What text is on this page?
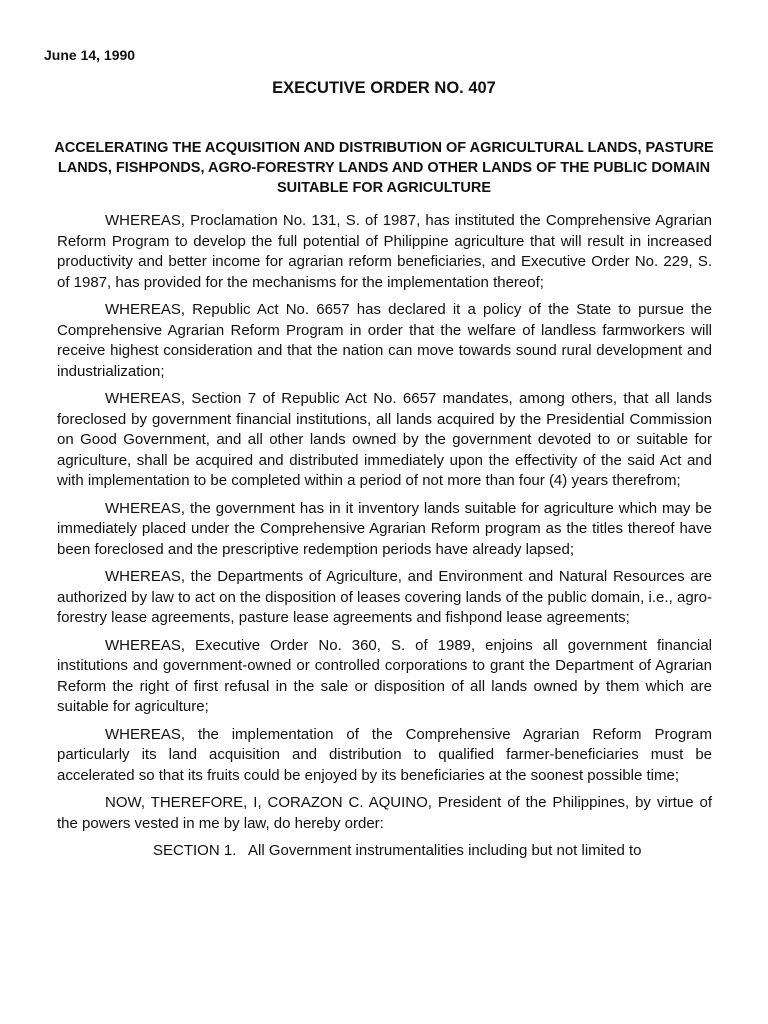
June 14, 1990
EXECUTIVE ORDER NO. 407
ACCELERATING THE ACQUISITION AND DISTRIBUTION OF AGRICULTURAL LANDS, PASTURE LANDS, FISHPONDS, AGRO-FORESTRY LANDS AND OTHER LANDS OF THE PUBLIC DOMAIN SUITABLE FOR AGRICULTURE

WHEREAS, Proclamation No. 131, S. of 1987, has instituted the Comprehensive Agrarian Reform Program to develop the full potential of Philippine agriculture that will result in increased productivity and better income for agrarian reform beneficiaries, and Executive Order No. 229, S. of 1987, has provided for the mechanisms for the implementation thereof;

WHEREAS, Republic Act No. 6657 has declared it a policy of the State to pursue the Comprehensive Agrarian Reform Program in order that the welfare of landless farmworkers will receive highest consideration and that the nation can move towards sound rural development and industrialization;

WHEREAS, Section 7 of Republic Act No. 6657 mandates, among others, that all lands foreclosed by government financial institutions, all lands acquired by the Presidential Commission on Good Government, and all other lands owned by the government devoted to or suitable for agriculture, shall be acquired and distributed immediately upon the effectivity of the said Act and with implementation to be completed within a period of not more than four (4) years therefrom;

WHEREAS, the government has in it inventory lands suitable for agriculture which may be immediately placed under the Comprehensive Agrarian Reform program as the titles thereof have been foreclosed and the prescriptive redemption periods have already lapsed;

WHEREAS, the Departments of Agriculture, and Environment and Natural Resources are authorized by law to act on the disposition of leases covering lands of the public domain, i.e., agro-forestry lease agreements, pasture lease agreements and fishpond lease agreements;

WHEREAS, Executive Order No. 360, S. of 1989, enjoins all government financial institutions and government-owned or controlled corporations to grant the Department of Agrarian Reform the right of first refusal in the sale or disposition of all lands owned by them which are suitable for agriculture;

WHEREAS, the implementation of the Comprehensive Agrarian Reform Program particularly its land acquisition and distribution to qualified farmer-beneficiaries must be accelerated so that its fruits could be enjoyed by its beneficiaries at the soonest possible time;

NOW, THEREFORE, I, CORAZON C. AQUINO, President of the Philippines, by virtue of the powers vested in me by law, do hereby order:

SECTION 1. All Government instrumentalities including but not limited to
